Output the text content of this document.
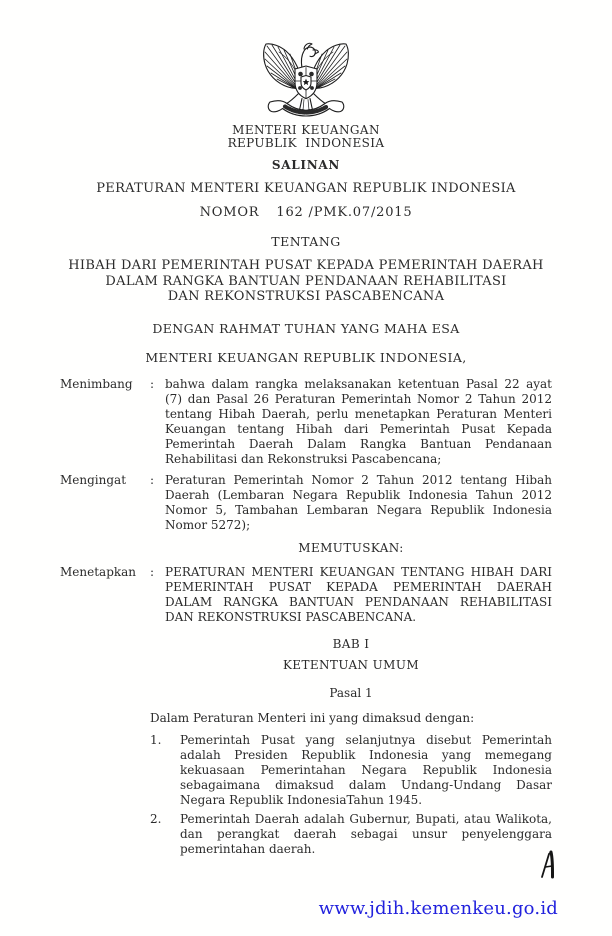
MENTERI KEUANGAN
REPUBLIK INDONESIA
SALINAN
PERATURAN MENTERI KEUANGAN REPUBLIK INDONESIA
NOMOR 162 /PMK.07/2015
TENTANG
HIBAH DARI PEMERINTAH PUSAT KEPADA PEMERINTAH DAERAH
DALAM RANGKA BANTUAN PENDANAAN REHABILITASI
DAN REKONSTRUKSI PASCABENCANA
DENGAN RAHMAT TUHAN YANG MAHA ESA
MENTERI KEUANGAN REPUBLIK INDONESIA,
Menimbang	: bahwa dalam rangka melaksanakan ketentuan Pasal 22 ayat (7) dan Pasal 26 Peraturan Pemerintah Nomor 2 Tahun 2012 tentang Hibah Daerah, perlu menetapkan Peraturan Menteri Keuangan tentang Hibah dari Pemerintah Pusat Kepada Pemerintah Daerah Dalam Rangka Bantuan Pendanaan Rehabilitasi dan Rekonstruksi Pascabencana;
Mengingat	: Peraturan Pemerintah Nomor 2 Tahun 2012 tentang Hibah Daerah (Lembaran Negara Republik Indonesia Tahun 2012 Nomor 5, Tambahan Lembaran Negara Republik Indonesia Nomor 5272);
MEMUTUSKAN:
Menetapkan	: PERATURAN MENTERI KEUANGAN TENTANG HIBAH DARI PEMERINTAH PUSAT KEPADA PEMERINTAH DAERAH DALAM RANGKA BANTUAN PENDANAAN REHABILITASI DAN REKONSTRUKSI PASCABENCANA.
BAB I
KETENTUAN UMUM
Pasal 1
Dalam Peraturan Menteri ini yang dimaksud dengan:
1.	Pemerintah Pusat yang selanjutnya disebut Pemerintah adalah Presiden Republik Indonesia yang memegang kekuasaan Pemerintahan Negara Republik Indonesia sebagaimana dimaksud dalam Undang-Undang Dasar Negara Republik IndonesiaTahun 1945.
2.	Pemerintah Daerah adalah Gubernur, Bupati, atau Walikota, dan perangkat daerah sebagai unsur penyelenggara pemerintahan daerah.
www.jdih.kemenkeu.go.id
